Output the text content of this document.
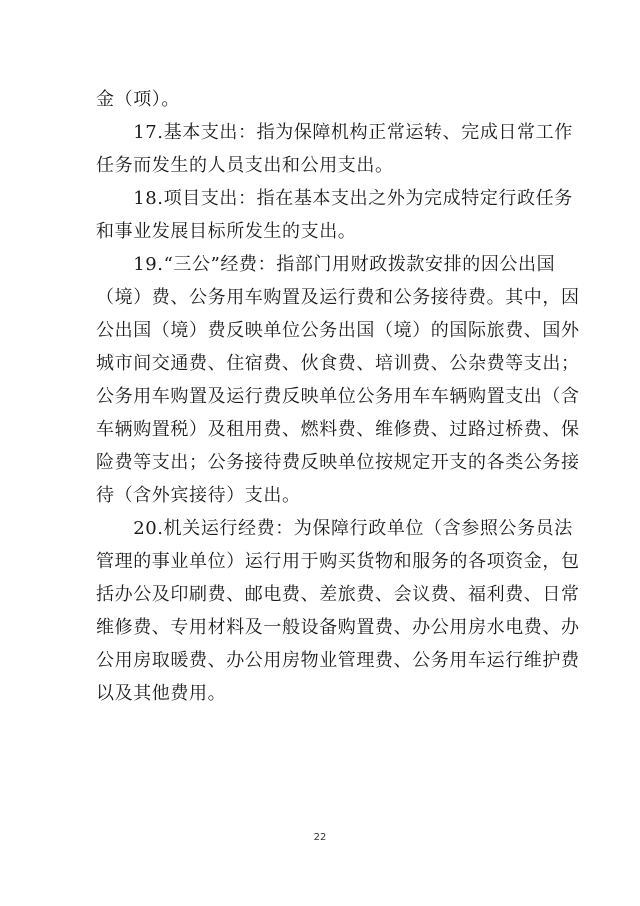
金（项）。
　　17.基本支出：指为保障机构正常运转、完成日常工作
任务而发生的人员支出和公用支出。
　　18.项目支出：指在基本支出之外为完成特定行政任务
和事业发展目标所发生的支出。
　　19.“三公”经费：指部门用财政拨款安排的因公出国
（境）费、公务用车购置及运行费和公务接待费。其中，因
公出国（境）费反映单位公务出国（境）的国际旅费、国外
城市间交通费、住宿费、伙食费、培训费、公杂费等支出；
公务用车购置及运行费反映单位公务用车车辆购置支出（含
车辆购置税）及租用费、燃料费、维修费、过路过桥费、保
险费等支出；公务接待费反映单位按规定开支的各类公务接
待（含外宾接待）支出。
　　20.机关运行经费：为保障行政单位（含参照公务员法
管理的事业单位）运行用于购买货物和服务的各项资金，包
括办公及印刷费、邮电费、差旅费、会议费、福利费、日常
维修费、专用材料及一般设备购置费、办公用房水电费、办
公用房取暖费、办公用房物业管理费、公务用车运行维护费
以及其他费用。
22
